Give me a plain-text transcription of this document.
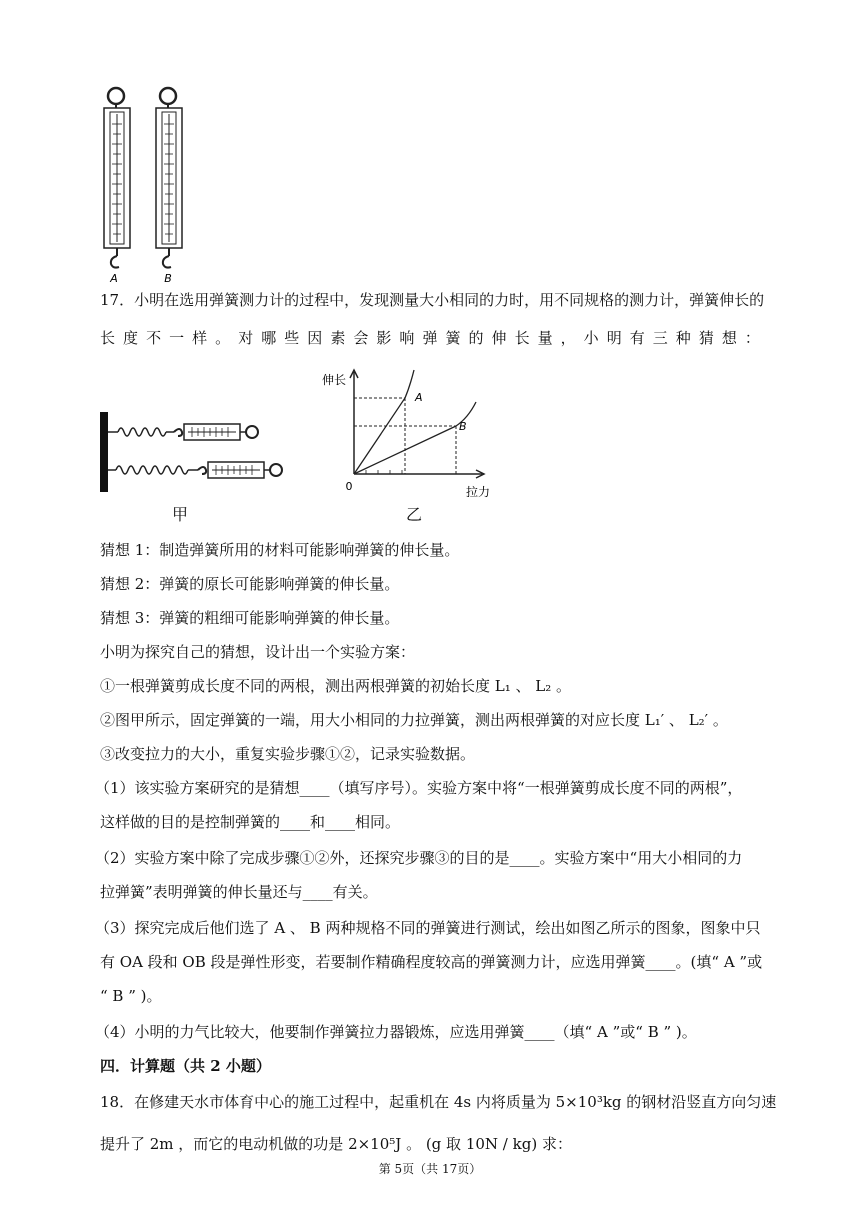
A	B
17．小明在选用弹簧测力计的过程中，发现测量大小相同的力时，用不同规格的测力计，弹簧伸长的
长 度 不 一 样 。 对 哪 些 因 素 会 影 响 弹 簧 的 伸 长 量 ， 小 明 有 三 种 猜 想 ：
甲
伸长
0	拉力
A
B
乙
猜想 1：制造弹簧所用的材料可能影响弹簧的伸长量。
猜想 2：弹簧的原长可能影响弹簧的伸长量。
猜想 3：弹簧的粗细可能影响弹簧的伸长量。
小明为探究自己的猜想，设计出一个实验方案：
①一根弹簧剪成长度不同的两根，测出两根弹簧的初始长度 L₁ 、 L₂ 。
②图甲所示，固定弹簧的一端，用大小相同的力拉弹簧，测出两根弹簧的对应长度 L₁′ 、 L₂′ 。
③改变拉力的大小，重复实验步骤①②，记录实验数据。
（1）该实验方案研究的是猜想____（填写序号）。实验方案中将“一根弹簧剪成长度不同的两根”，
这样做的目的是控制弹簧的____和____相同。
（2）实验方案中除了完成步骤①②外，还探究步骤③的目的是____。实验方案中“用大小相同的力
拉弹簧”表明弹簧的伸长量还与____有关。
（3）探究完成后他们选了 A 、 B 两种规格不同的弹簧进行测试，绘出如图乙所示的图象，图象中只
有 OA 段和 OB 段是弹性形变，若要制作精确程度较高的弹簧测力计，应选用弹簧____。(填“ A ”或
“ B ” )。
（4）小明的力气比较大，他要制作弹簧拉力器锻炼，应选用弹簧____（填“ A ”或“ B ” )。
四．计算题（共 2 小题）
18．在修建天水市体育中心的施工过程中，起重机在 4s 内将质量为 5×10³kg 的钢材沿竖直方向匀速
提升了 2m ，而它的电动机做的功是 2×10⁵J 。 (g 取 10N / kg) 求：
第 5页（共 17页）
